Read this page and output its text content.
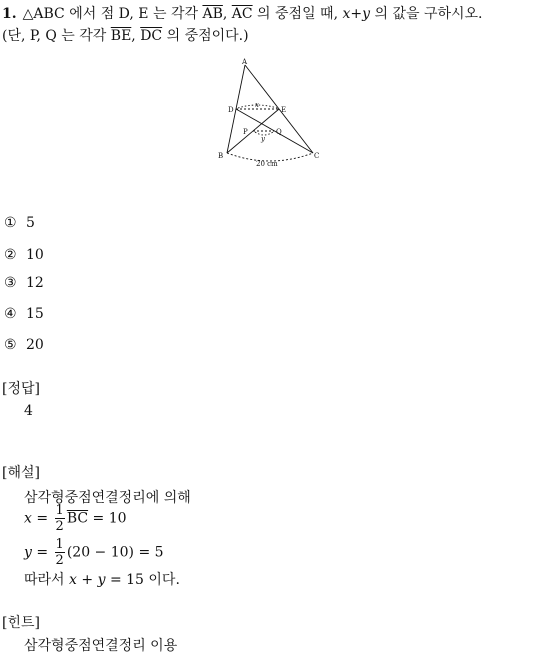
1. △ABC 에서 점 D, E 는 각각 $\overline{AB}$, $\overline{AC}$ 의 중점일 때, x+y 의 값을 구하시오.
(단, P, Q 는 각각 $\overline{BE}$, $\overline{DC}$ 의 중점이다.)
A
D	E
P	Q
B	C
x
y
20 cm
① 5
② 10
③ 12
④ 15
⑤ 20
[정답]
4
[해설]
삼각형중점연결정리에 의해
$x = \frac{1}{2} \overline{BC} = 10$
$y = \frac{1}{2} (20 - 10) = 5$
따라서 x + y = 15 이다.
[힌트]
삼각형중점연결정리 이용
